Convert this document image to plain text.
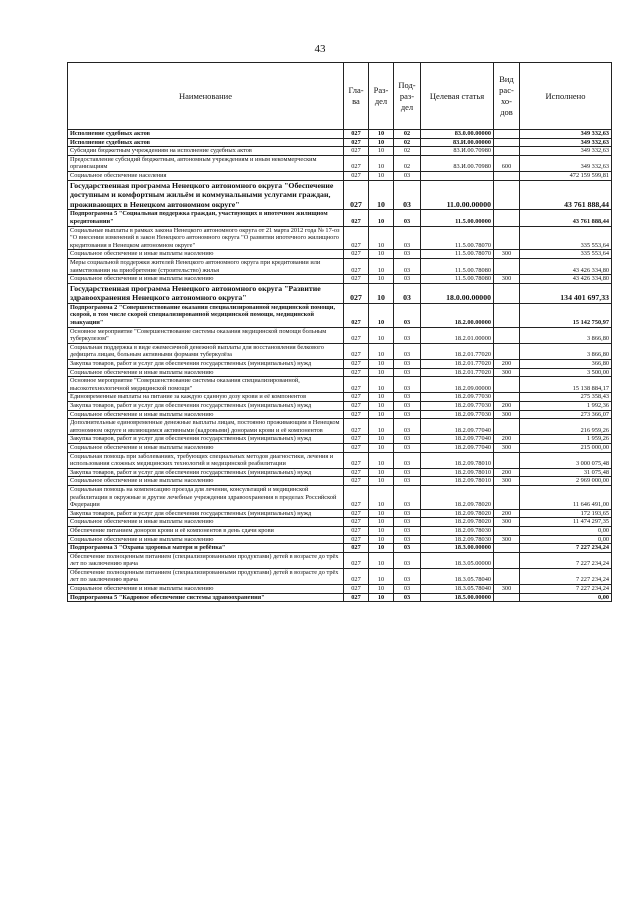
43
Наименование	Гла-ва	Раз-дел	Под-раз-дел	Целевая статья	Вид рас-хо-дов	Исполнено
Исполнение судебных актов	027	10	02	83.0.00.00000		349 332,63
Исполнение судебных актов	027	10	02	83.И.00.00000		349 332,63
Субсидии бюджетным учреждениям на исполнение судебных актов	027	10	02	83.И.00.70980		349 332,63
Предоставление субсидий бюджетным, автономным учреждениям и иным некоммерческим организациям	027	10	02	83.И.00.70980	600	349 332,63
Социальное обеспечение населения	027	10	03			472 159 599,81
Государственная программа Ненецкого автономного округа "Обеспечение доступным и комфортным жильём и коммунальными услугами граждан, проживающих в Ненецком автономном округе"	027	10	03	11.0.00.00000		43 761 888,44
Подпрограмма 5 "Социальная поддержка граждан, участвующих в ипотечном жилищном кредитовании"	027	10	03	11.5.00.00000		43 761 888,44
Социальные выплаты в рамках закона Ненецкого автономного округа от 21 марта 2012 года № 17-оз "О внесении изменений в закон Ненецкого автономного округа "О развитии ипотечного жилищного кредитования в Ненецком автономном округе"	027	10	03	11.5.00.78070		335 553,64
Социальное обеспечение и иные выплаты населению	027	10	03	11.5.00.78070	300	335 553,64
Меры социальной поддержки жителей Ненецкого автономного округа при кредитовании или заимствовании на приобретение (строительство) жилья	027	10	03	11.5.00.78080		43 426 334,80
Социальное обеспечение и иные выплаты населению	027	10	03	11.5.00.78080	300	43 426 334,80
Государственная программа Ненецкого автономного округа "Развитие здравоохранения Ненецкого автономного округа"	027	10	03	18.0.00.00000		134 401 697,33
Подпрограмма 2 "Совершенствование оказания специализированной медицинской помощи, скорой, в том числе скорой специализированной медицинской помощи, медицинской эвакуации"	027	10	03	18.2.00.00000		15 142 750,97
Основное мероприятие "Совершенствование системы оказания медицинской помощи больным туберкулезом"	027	10	03	18.2.01.00000		3 866,80
Социальная поддержка в виде ежемесячной денежной выплаты для восстановления белкового дефицита лицам, больным активными формами туберкулёза	027	10	03	18.2.01.77020		3 866,80
Закупка товаров, работ и услуг для обеспечения государственных (муниципальных) нужд	027	10	03	18.2.01.77020	200	366,80
Социальное обеспечение и иные выплаты населению	027	10	03	18.2.01.77020	300	3 500,00
Основное мероприятие "Совершенствование системы оказания специализированной, высокотехнологичной медицинской помощи"	027	10	03	18.2.09.00000		15 138 884,17
Единовременные выплаты на питание за каждую сданную дозу крови и её компонентов	027	10	03	18.2.09.77030		275 358,43
Закупка товаров, работ и услуг для обеспечения государственных (муниципальных) нужд	027	10	03	18.2.09.77030	200	1 992,36
Социальное обеспечение и иные выплаты населению	027	10	03	18.2.09.77030	300	273 366,07
Дополнительные единовременные денежные выплаты лицам, постоянно проживающим в Ненецком автономном округе и являющимся активными (кадровыми) донорами крови и её компонентов	027	10	03	18.2.09.77040		216 959,26
Закупка товаров, работ и услуг для обеспечения государственных (муниципальных) нужд	027	10	03	18.2.09.77040	200	1 959,26
Социальное обеспечение и иные выплаты населению	027	10	03	18.2.09.77040	300	215 000,00
Социальная помощь при заболеваниях, требующих специальных методов диагностики, лечения и использования сложных медицинских технологий и медицинской реабилитации	027	10	03	18.2.09.78010		3 000 075,48
Закупка товаров, работ и услуг для обеспечения государственных (муниципальных) нужд	027	10	03	18.2.09.78010	200	31 075,48
Социальное обеспечение и иные выплаты населению	027	10	03	18.2.09.78010	300	2 969 000,00
Социальная помощь на компенсацию проезда для лечения, консультаций и медицинской реабилитации в окружные и другие лечебные учреждения здравоохранения в пределах Российской Федерации	027	10	03	18.2.09.78020		11 646 491,00
Закупка товаров, работ и услуг для обеспечения государственных (муниципальных) нужд	027	10	03	18.2.09.78020	200	172 193,65
Социальное обеспечение и иные выплаты населению	027	10	03	18.2.09.78020	300	11 474 297,35
Обеспечение питанием доноров крови и её компонентов в день сдачи крови	027	10	03	18.2.09.78030		0,00
Социальное обеспечение и иные выплаты населению	027	10	03	18.2.09.78030	300	0,00
Подпрограмма 3 "Охрана здоровья матери и ребёнка"	027	10	03	18.3.00.00000		7 227 234,24
Обеспечение полноценным питанием (специализированными продуктами) детей в возрасте до трёх лет по заключению врача	027	10	03	18.3.05.00000		7 227 234,24
Обеспечение полноценным питанием (специализированными продуктами) детей в возрасте до трёх лет по заключению врача	027	10	03	18.3.05.78040		7 227 234,24
Социальное обеспечение и иные выплаты населению	027	10	03	18.3.05.78040	300	7 227 234,24
Подпрограмма 5 "Кадровое обеспечение системы здравоохранения"	027	10	03	18.5.00.00000		0,00
